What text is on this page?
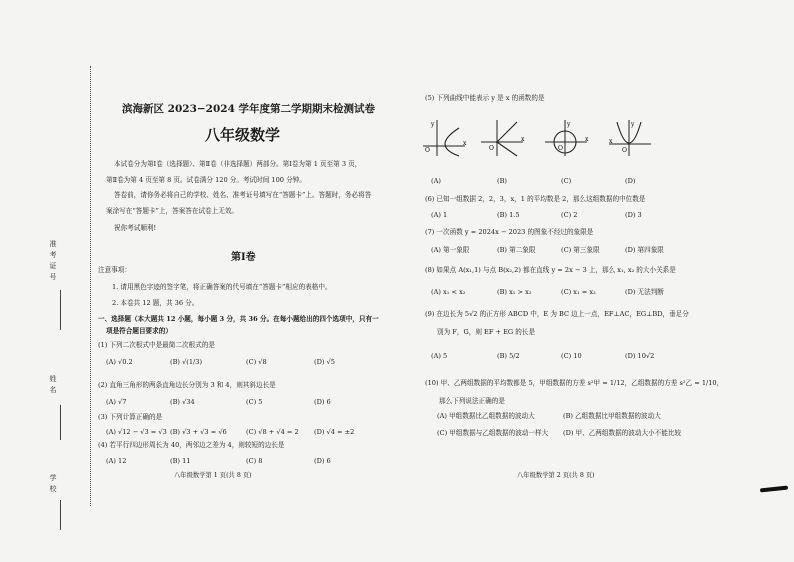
准考证号
姓名
学校
滨海新区 2023−2024 学年度第二学期期末检测试卷
八年级数学
本试卷分为第Ⅰ卷（选择题）、第Ⅱ卷（非选择题）两部分。第Ⅰ卷为第 1 页至第 3 页，
第Ⅱ卷为第 4 页至第 8 页。试卷满分 120 分。考试时间 100 分钟。
答卷前，请你务必将自己的学校、姓名、准考证号填写在“答题卡”上。答题时，务必将答
案涂写在“答题卡”上，答案答在试卷上无效。
祝你考试顺利!
第Ⅰ卷
注意事项：
1. 请用黑色字迹的签字笔，将正确答案的代号填在“答题卡”相应的表格中。
2. 本卷共 12 题，共 36 分。
一、选择题（本大题共 12 小题，每小题 3 分，共 36 分。在每小题给出的四个选项中，只有一
项是符合题目要求的）
(1) 下列二次根式中是最简二次根式的是
(A) √0.2	(B) √(1/3)	(C) √8	(D) √5
(2) 直角三角形的两条直角边长分别为 3 和 4，则其斜边长是
(A) √7	(B) √34	(C) 5	(D) 6
(3) 下列计算正确的是
(A) √12 − √3 = √3 (B) √3 + √3 = √6	(C) √8 + √4 = 2 (D) √4 = ±2
(4) 若平行四边形周长为 40，两邻边之差为 4，则较短的边长是
(A) 12	(B) 11	(C) 8	(D) 6
八年级数学第 1 页(共 8 页)
(5) 下列曲线中能表示 y 是 x 的函数的是
O
x
y
O
x
O
x
y
O
x
y
(A)	(B)	(C)	(D)
(6) 已知一组数据 2，2，3，x，1 的平均数是 2，那么这组数据的中位数是
(A) 1	(B) 1.5	(C) 2	(D) 3
(7) 一次函数 y = 2024x − 2023 的图象不经过的象限是
(A) 第一象限	(B) 第二象限	(C) 第三象限	(D) 第四象限
(8) 如果点 A(x₁,1) 与点 B(x₂,2) 都在直线 y = 2x − 3 上，那么 x₁, x₂ 的大小关系是
(A) x₁ < x₂	(B) x₁ > x₂	(C) x₁ = x₂	(D) 无法判断
(9) 在边长为 5√2 的正方形 ABCD 中，E 为 BC 边上一点，EF⊥AC，EG⊥BD，垂足分
别为 F，G，则 EF + EG 的长是
(A) 5	(B) 5/2	(C) 10	(D) 10√2
(10) 甲、乙两组数据的平均数都是 5，甲组数据的方差 s²甲 = 1/12，乙组数据的方差 s²乙 = 1/10，
那么下列说法正确的是
(A) 甲组数据比乙组数据的波动大	(B) 乙组数据比甲组数据的波动大
(C) 甲组数据与乙组数据的波动一样大 (D) 甲、乙两组数据的波动大小不能比较
八年级数学第 2 页(共 8 页)
